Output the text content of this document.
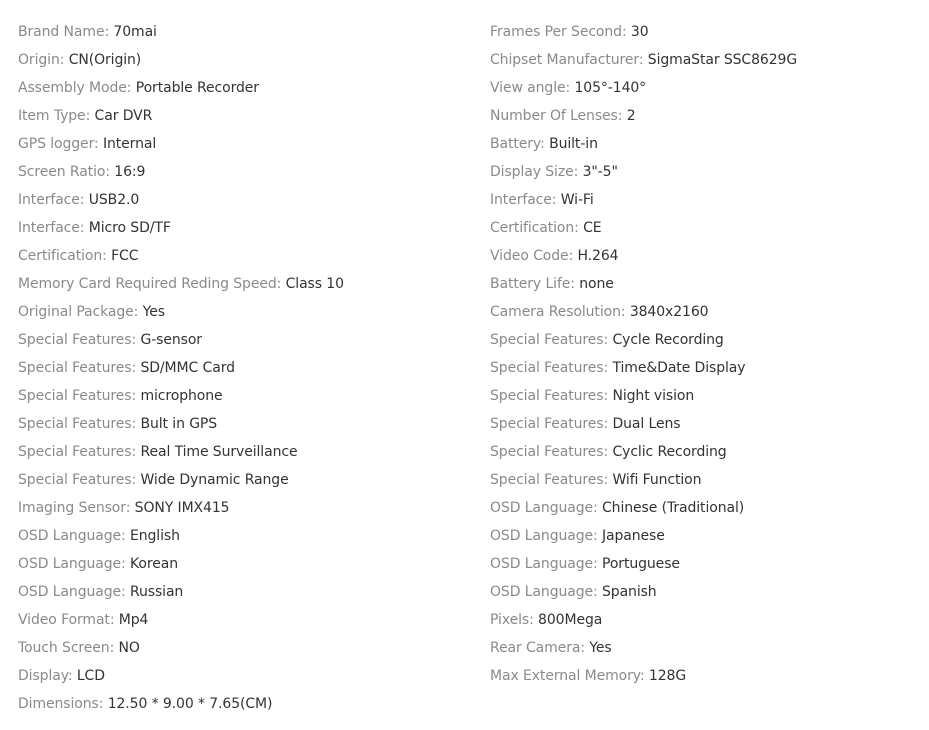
Brand Name: 70mai
Origin: CN(Origin)
Assembly Mode: Portable Recorder
Item Type: Car DVR
GPS logger: Internal
Screen Ratio: 16:9
Interface: USB2.0
Interface: Micro SD/TF
Certification: FCC
Memory Card Required Reding Speed: Class 10
Original Package: Yes
Special Features: G-sensor
Special Features: SD/MMC Card
Special Features: microphone
Special Features: Bult in GPS
Special Features: Real Time Surveillance
Special Features: Wide Dynamic Range
Imaging Sensor: SONY IMX415
OSD Language: English
OSD Language: Korean
OSD Language: Russian
Video Format: Mp4
Touch Screen: NO
Display: LCD
Dimensions: 12.50 * 9.00 * 7.65(CM)
Frames Per Second: 30
Chipset Manufacturer: SigmaStar SSC8629G
View angle: 105°-140°
Number Of Lenses: 2
Battery: Built-in
Display Size: 3"-5"
Interface: Wi-Fi
Certification: CE
Video Code: H.264
Battery Life: none
Camera Resolution: 3840x2160
Special Features: Cycle Recording
Special Features: Time&Date Display
Special Features: Night vision
Special Features: Dual Lens
Special Features: Cyclic Recording
Special Features: Wifi Function
OSD Language: Chinese (Traditional)
OSD Language: Japanese
OSD Language: Portuguese
OSD Language: Spanish
Pixels: 800Mega
Rear Camera: Yes
Max External Memory: 128G
